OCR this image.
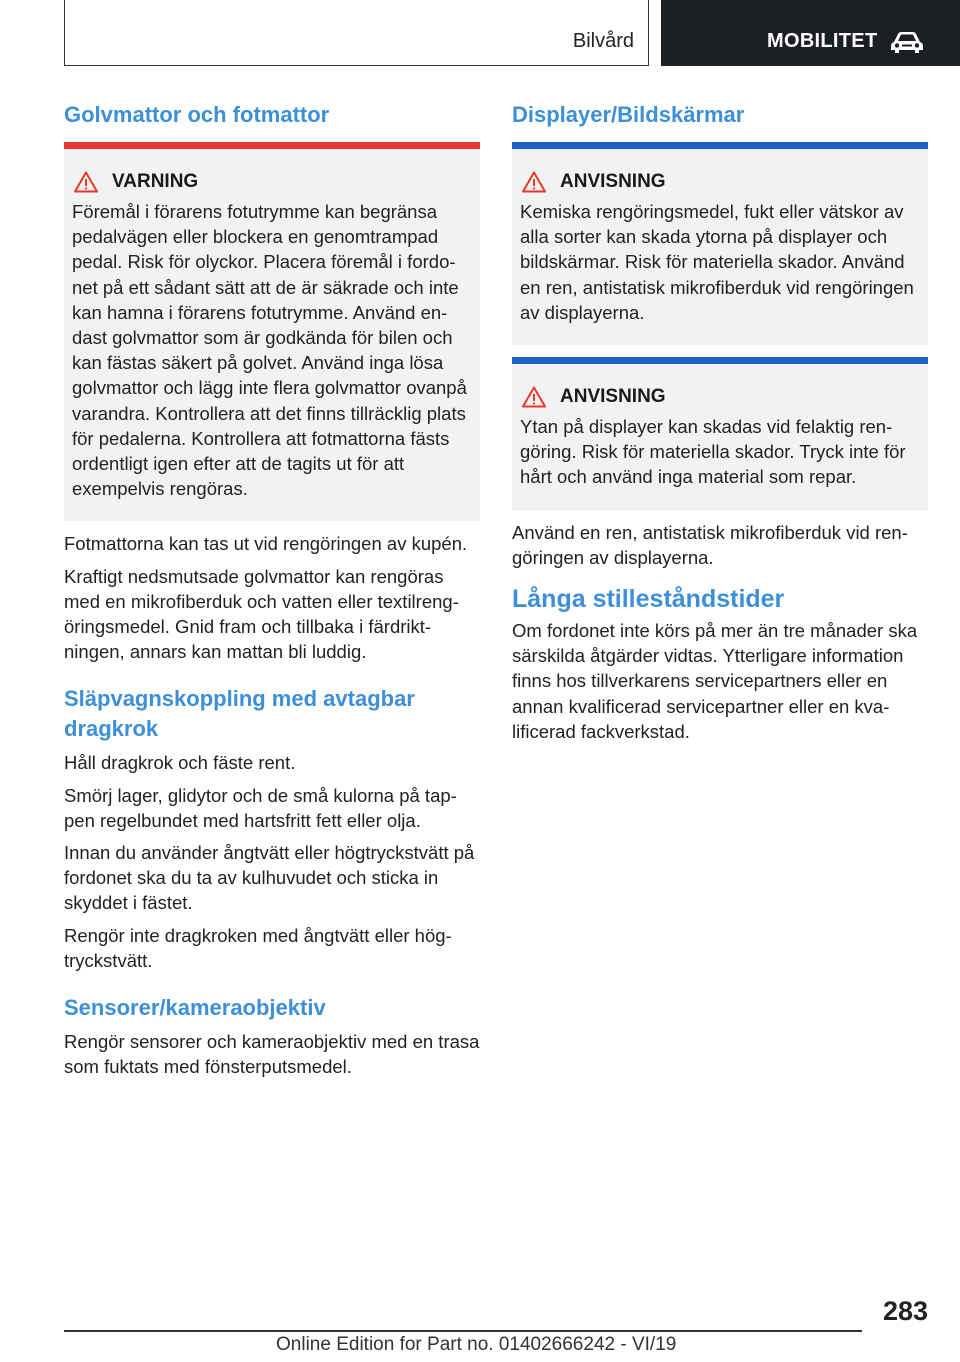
Bilvård	MOBILITET
Golvmattor och fotmattor
VARNING

Föremål i förarens fotutrymme kan begränsa pedalvägen eller blockera en genomtrampad pedal. Risk för olyckor. Placera föremål i fordonet på ett sådant sätt att de är säkrade och inte kan hamna i förarens fotutrymme. Använd endast golvmattor som är godkända för bilen och kan fästas säkert på golvet. Använd inga lösa golvmattor och lägg inte flera golvmattor ovanpå varandra. Kontrollera att det finns tillräcklig plats för pedalerna. Kontrollera att fotmattorna fästs ordentligt igen efter att de tagits ut för att exempelvis rengöras.

Fotmattorna kan tas ut vid rengöringen av kupén.

Kraftigt nedsmutsade golvmattor kan rengöras med en mikrofiberduk och vatten eller textilrengöringsmedel. Gnid fram och tillbaka i färdriktningen, annars kan mattan bli luddig.

Släpvagnskoppling med avtagbar dragkrok

Håll dragkrok och fäste rent.

Smörj lager, glidytor och de små kulorna på tappen regelbundet med hartsfritt fett eller olja.

Innan du använder ångtvätt eller högtryckstvätt på fordonet ska du ta av kulhuvudet och sticka in skyddet i fästet.

Rengör inte dragkroken med ångtvätt eller högtryckstvätt.

Sensorer/kameraobjektiv

Rengör sensorer och kameraobjektiv med en trasa som fuktats med fönsterputsmedel.

Displayer/Bildskärmar
ANVISNING

Kemiska rengöringsmedel, fukt eller vätskor av alla sorter kan skada ytorna på displayer och bildskärmar. Risk för materiella skador. Använd en ren, antistatisk mikrofiberduk vid rengöringen av displayerna.

ANVISNING

Ytan på displayer kan skadas vid felaktig rengöring. Risk för materiella skador. Tryck inte för hårt och använd inga material som repar.

Använd en ren, antistatisk mikrofiberduk vid rengöringen av displayerna.

Långa stilleståndstider

Om fordonet inte körs på mer än tre månader ska särskilda åtgärder vidtas. Ytterligare information finns hos tillverkarens servicepartners eller en annan kvalificerad servicepartner eller en kvalificerad fackverkstad.

283
Online Edition for Part no. 01402666242 - VI/19
